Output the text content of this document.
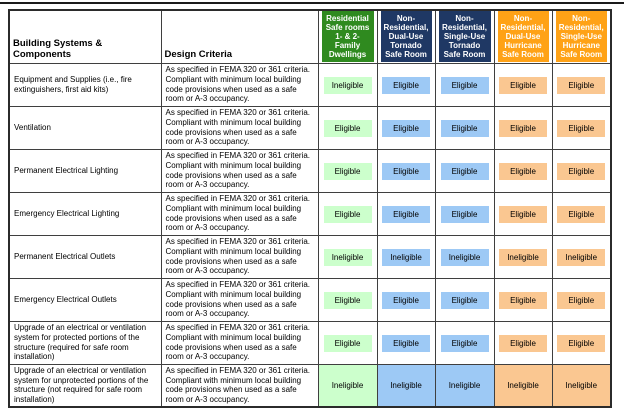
Building Systems & Components	Design Criteria	Residential Safe rooms 1- & 2- Family Dwellings	Non-Residential, Dual-Use Tornado Safe Room	Non-Residential, Single-Use Tornado Safe Room	Non-Residential, Dual-Use Hurricane Safe Room	Non-Residential, Single-Use Hurricane Safe Room

Equipment and Supplies (i.e., fire extinguishers, first aid kits)	As specified in FEMA 320 or 361 criteria. Compliant with minimum local building code provisions when used as a safe room or A-3 occupancy.	Ineligible	Eligible	Eligible	Eligible	Eligible
Ventilation	As specified in FEMA 320 or 361 criteria. Compliant with minimum local building code provisions when used as a safe room or A-3 occupancy.	Eligible	Eligible	Eligible	Eligible	Eligible
Permanent Electrical Lighting	As specified in FEMA 320 or 361 criteria. Compliant with minimum local building code provisions when used as a safe room or A-3 occupancy.	Eligible	Eligible	Eligible	Eligible	Eligible
Emergency Electrical Lighting	As specified in FEMA 320 or 361 criteria. Compliant with minimum local building code provisions when used as a safe room or A-3 occupancy.	Eligible	Eligible	Eligible	Eligible	Eligible
Permanent Electrical Outlets	As specified in FEMA 320 or 361 criteria. Compliant with minimum local building code provisions when used as a safe room or A-3 occupancy.	Ineligible	Ineligible	Ineligible	Ineligible	Ineligible
Emergency Electrical Outlets	As specified in FEMA 320 or 361 criteria. Compliant with minimum local building code provisions when used as a safe room or A-3 occupancy.	Eligible	Eligible	Eligible	Eligible	Eligible
Upgrade of an electrical or ventilation system for protected portions of the structure (required for safe room installation)	As specified in FEMA 320 or 361 criteria. Compliant with minimum local building code provisions when used as a safe room or A-3 occupancy.	Eligible	Eligible	Eligible	Eligible	Eligible
Upgrade of an electrical or ventilation system for unprotected portions of the structure (not required for safe room installation)	As specified in FEMA 320 or 361 criteria. Compliant with minimum local building code provisions when used as a safe room or A-3 occupancy.	Ineligible	Ineligible	Ineligible	Ineligible	Ineligible
